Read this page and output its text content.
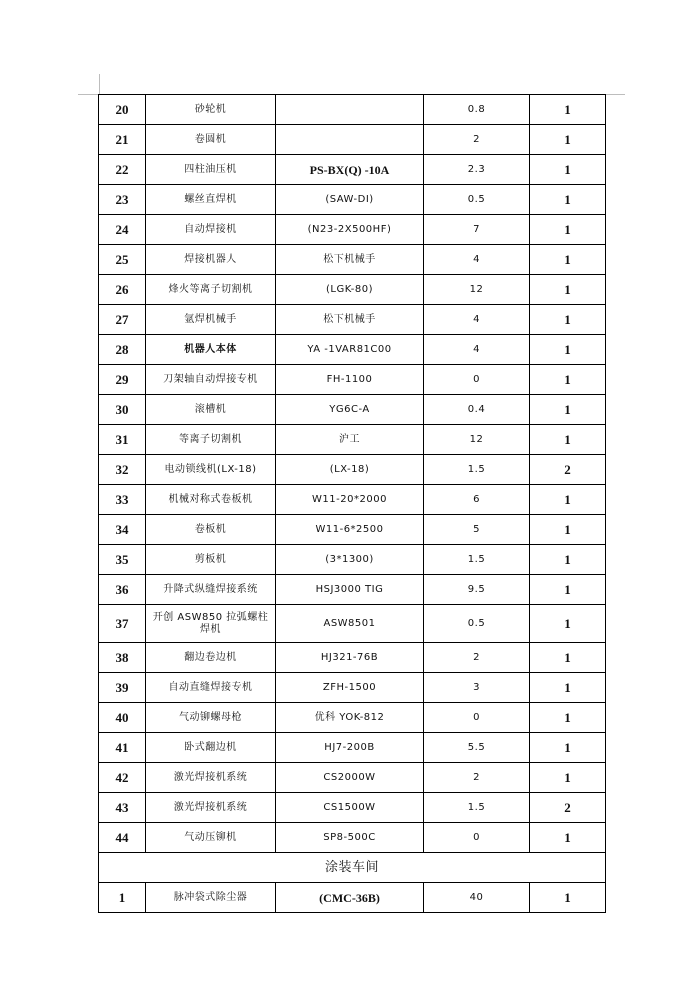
20	砂轮机		0.8	1
21	卷圆机		2	1
22	四柱油压机	PS-BX(Q) -10A	2.3	1
23	螺丝直焊机	(SAW-DI)	0.5	1
24	自动焊接机	(N23-2X500HF)	7	1
25	焊接机器人	松下机械手	4	1
26	烽火等离子切割机	(LGK-80)	12	1
27	氩焊机械手	松下机械手	4	1
28	机器人本体	YA -1VAR81C00	4	1
29	刀架轴自动焊接专机	FH-1100	0	1
30	滚槽机	YG6C-A	0.4	1
31	等离子切割机	沪工	12	1
32	电动锁线机(LX-18)	(LX-18)	1.5	2
33	机械对称式卷板机	W11-20*2000	6	1
34	卷板机	W11-6*2500	5	1
35	剪板机	(3*1300)	1.5	1
36	升降式纵缝焊接系统	HSJ3000 TIG	9.5	1
37	开创 ASW850 拉弧螺柱焊机	ASW8501	0.5	1
38	翻边卷边机	HJ321-76B	2	1
39	自动直缝焊接专机	ZFH-1500	3	1
40	气动铆螺母枪	优科 YOK-812	0	1
41	卧式翻边机	HJ7-200B	5.5	1
42	激光焊接机系统	CS2000W	2	1
43	激光焊接机系统	CS1500W	1.5	2
44	气动压铆机	SP8-500C	0	1
涂装车间				
1	脉冲袋式除尘器	(CMC-36B)	40	1
